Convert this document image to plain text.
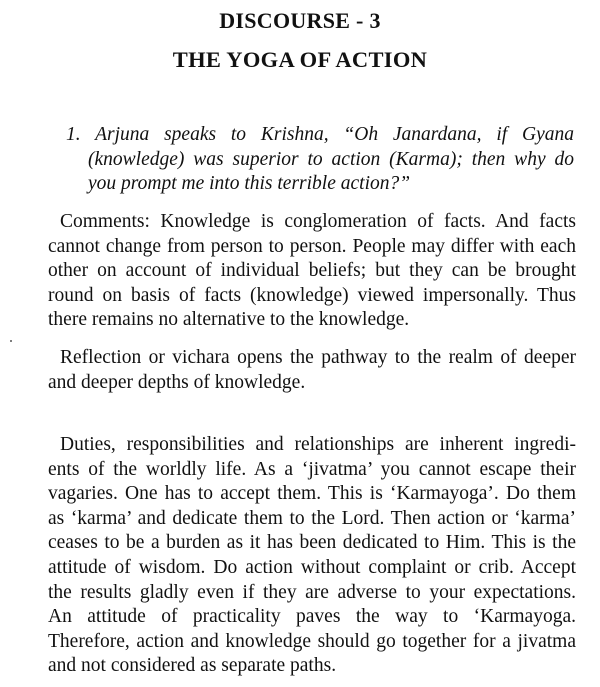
DISCOURSE - 3
THE YOGA OF ACTION
1. Arjuna speaks to Krishna, “Oh Janardana, if Gyana
(knowledge) was superior to action (Karma); then why do
you prompt me into this terrible action?”
Comments: Knowledge is conglomeration of facts. And facts
cannot change from person to person. People may differ with each
other on account of individual beliefs; but they can be brought
round on basis of facts (knowledge) viewed impersonally. Thus
there remains no alternative to the knowledge.
Reflection or vichara opens the pathway to the realm of deeper
and deeper depths of knowledge.
Duties, responsibilities and relationships are inherent ingredi-
ents of the worldly life. As a ‘jivatma’ you cannot escape their
vagaries. One has to accept them. This is ‘Karmayoga’. Do them
as ‘karma’ and dedicate them to the Lord. Then action or ‘karma’
ceases to be a burden as it has been dedicated to Him. This is the
attitude of wisdom. Do action without complaint or crib. Accept
the results gladly even if they are adverse to your expectations.
An attitude of practicality paves the way to ‘Karmayoga.
Therefore, action and knowledge should go together for a jivatma
and not considered as separate paths.
